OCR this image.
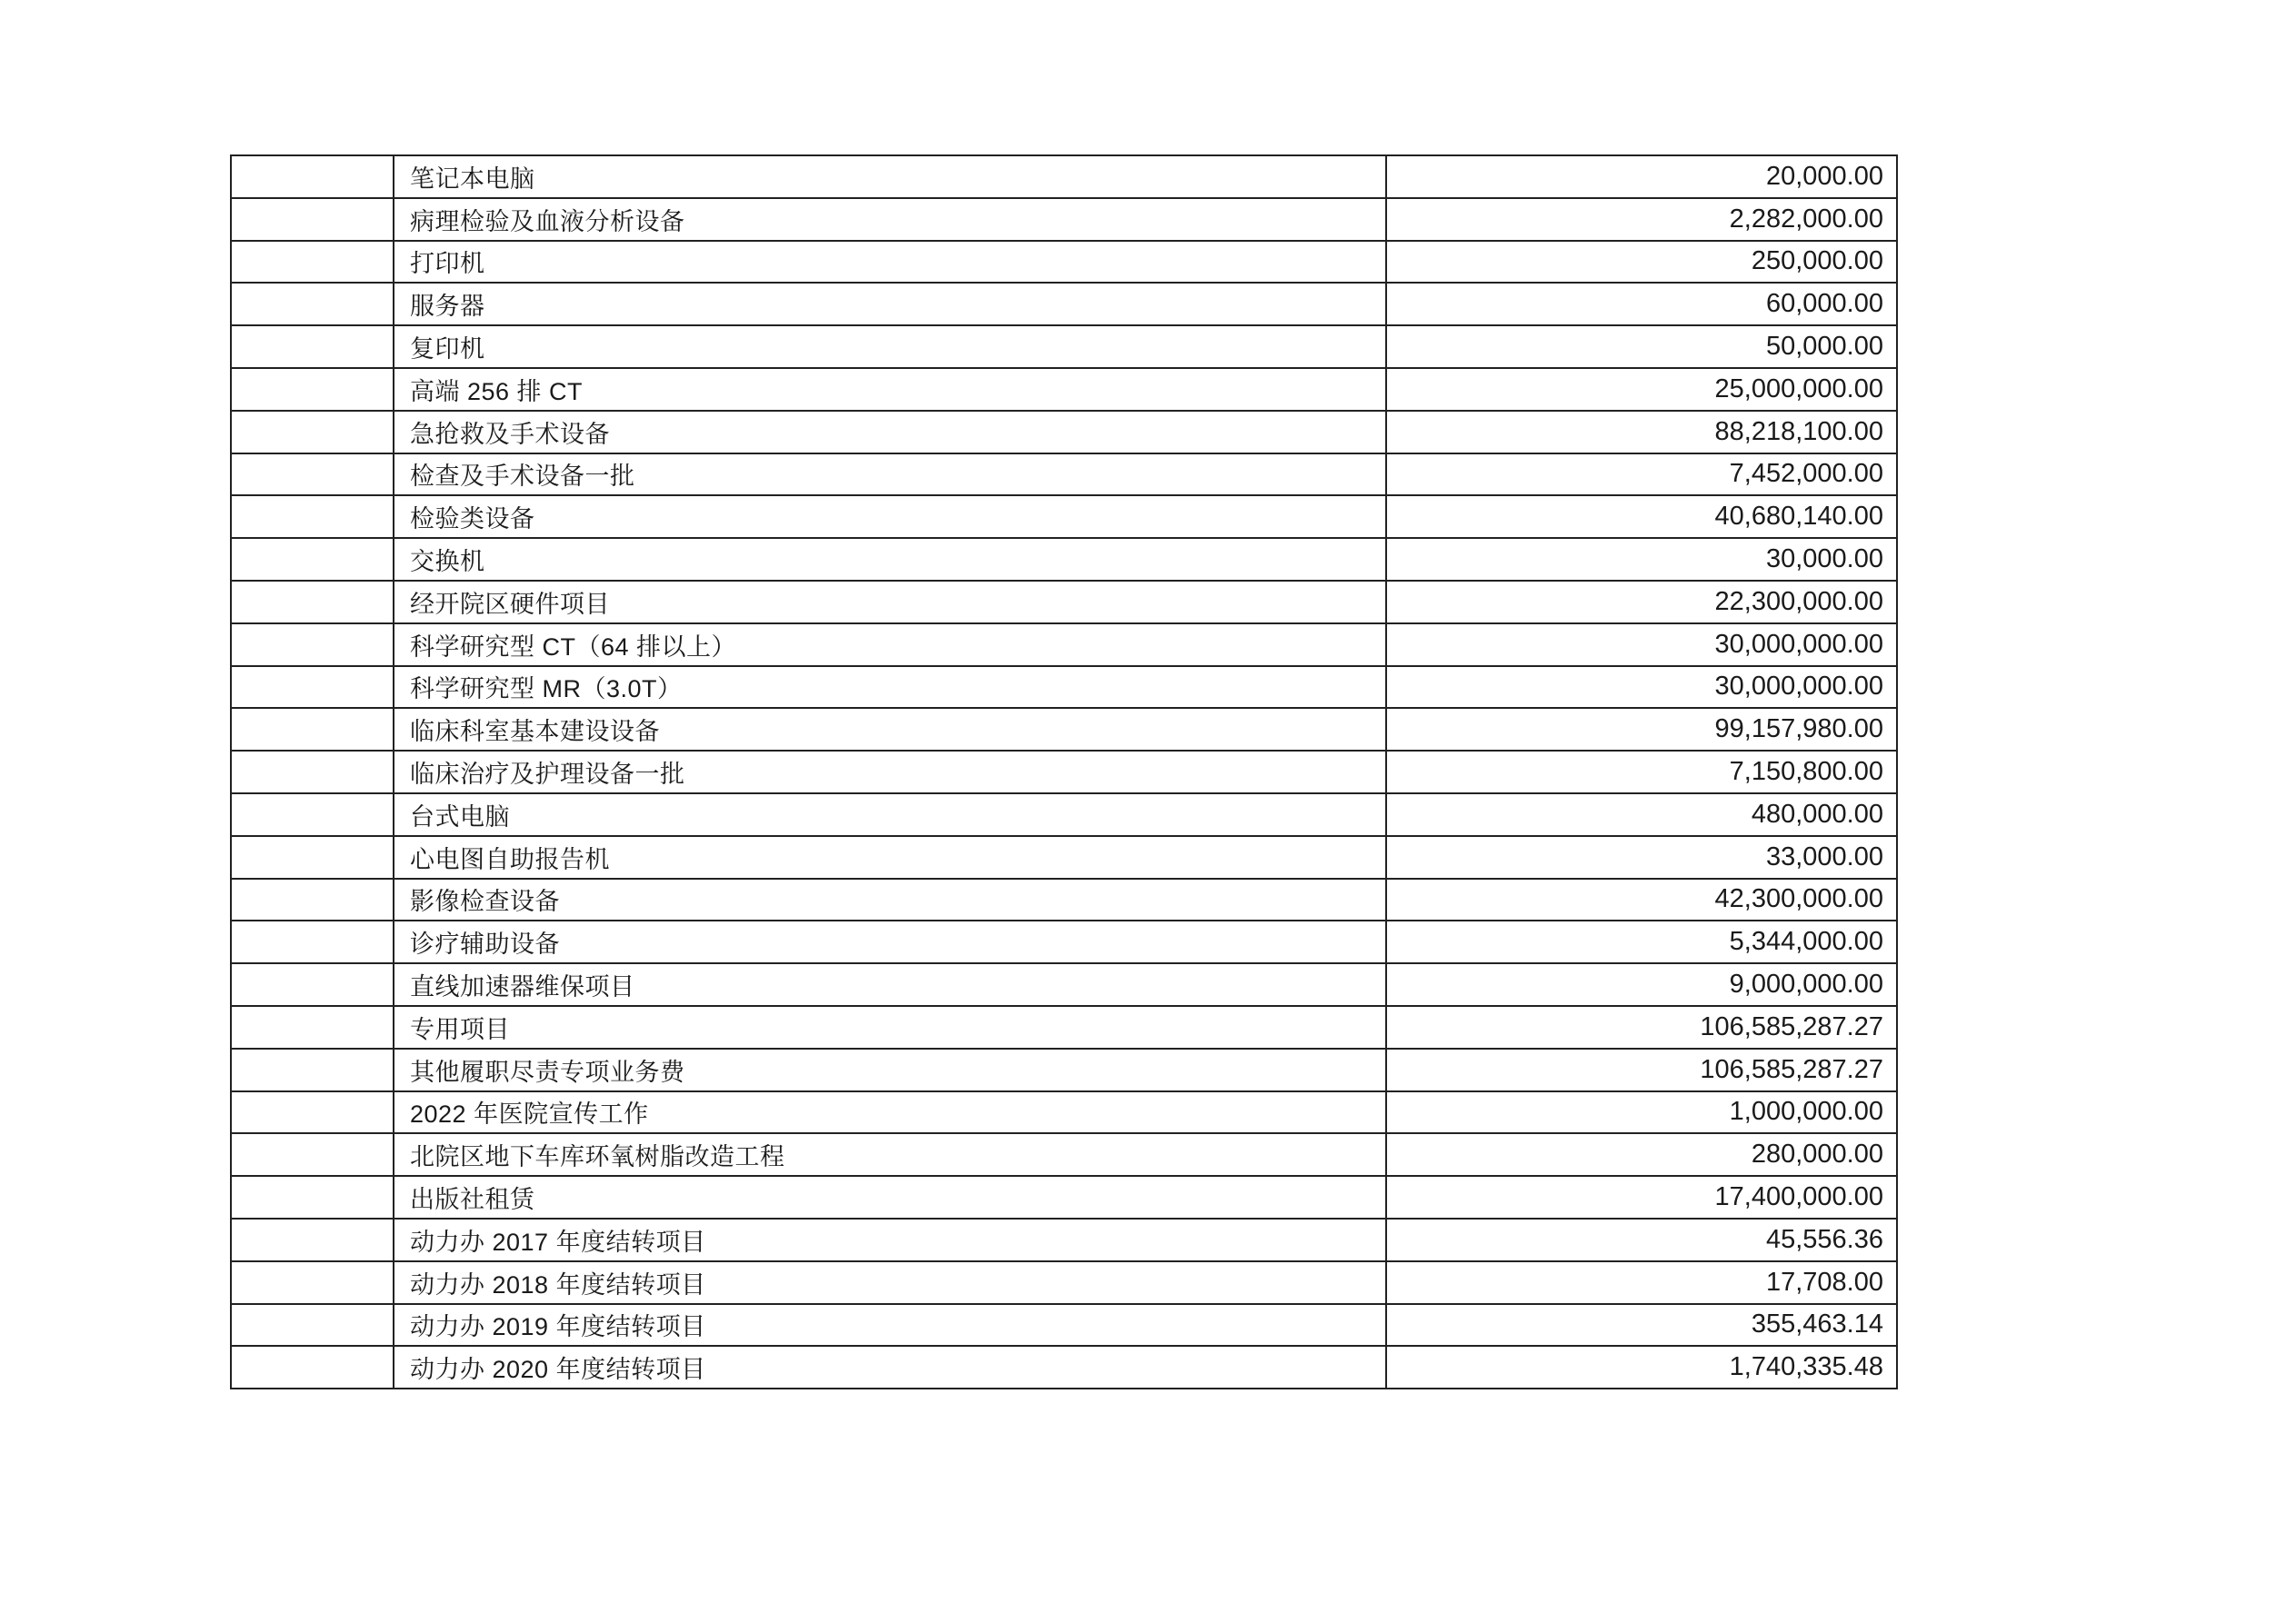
	笔记本电脑	20,000.00
	病理检验及血液分析设备	2,282,000.00
	打印机	250,000.00
	服务器	60,000.00
	复印机	50,000.00
	高端 256 排 CT	25,000,000.00
	急抢救及手术设备	88,218,100.00
	检查及手术设备一批	7,452,000.00
	检验类设备	40,680,140.00
	交换机	30,000.00
	经开院区硬件项目	22,300,000.00
	科学研究型 CT（64 排以上）	30,000,000.00
	科学研究型 MR（3.0T）	30,000,000.00
	临床科室基本建设设备	99,157,980.00
	临床治疗及护理设备一批	7,150,800.00
	台式电脑	480,000.00
	心电图自助报告机	33,000.00
	影像检查设备	42,300,000.00
	诊疗辅助设备	5,344,000.00
	直线加速器维保项目	9,000,000.00
	专用项目	106,585,287.27
	其他履职尽责专项业务费	106,585,287.27
	2022 年医院宣传工作	1,000,000.00
	北院区地下车库环氧树脂改造工程	280,000.00
	出版社租赁	17,400,000.00
	动力办 2017 年度结转项目	45,556.36
	动力办 2018 年度结转项目	17,708.00
	动力办 2019 年度结转项目	355,463.14
	动力办 2020 年度结转项目	1,740,335.48
